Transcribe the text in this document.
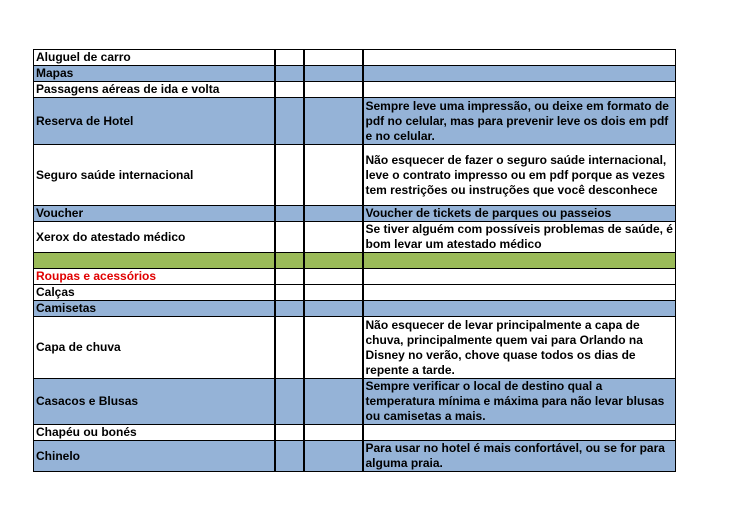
Aluguel de carro			
Mapas			
Passagens aéreas de ida e volta			
Reserva de Hotel			Sempre leve uma impressão, ou deixe em formato de pdf no celular, mas para prevenir leve os dois em pdf e no celular.
Seguro saúde internacional			Não esquecer de fazer o seguro saúde internacional, leve o contrato impresso ou em pdf porque as vezes tem restrições ou instruções que você desconhece
Voucher			Voucher de tickets de parques ou passeios
Xerox do atestado médico			Se tiver alguém com possíveis problemas de saúde, é bom levar um atestado médico

Roupas e acessórios			
Calças			
Camisetas			
Capa de chuva			Não esquecer de levar principalmente a capa de chuva, principalmente quem vai para Orlando na Disney no verão, chove quase todos os dias de repente a tarde.
Casacos e Blusas			Sempre verificar o local de destino qual a temperatura mínima e máxima para não levar blusas ou camisetas a mais.
Chapéu ou bonés			
Chinelo			Para usar no hotel é mais confortável, ou se for para alguma praia.
